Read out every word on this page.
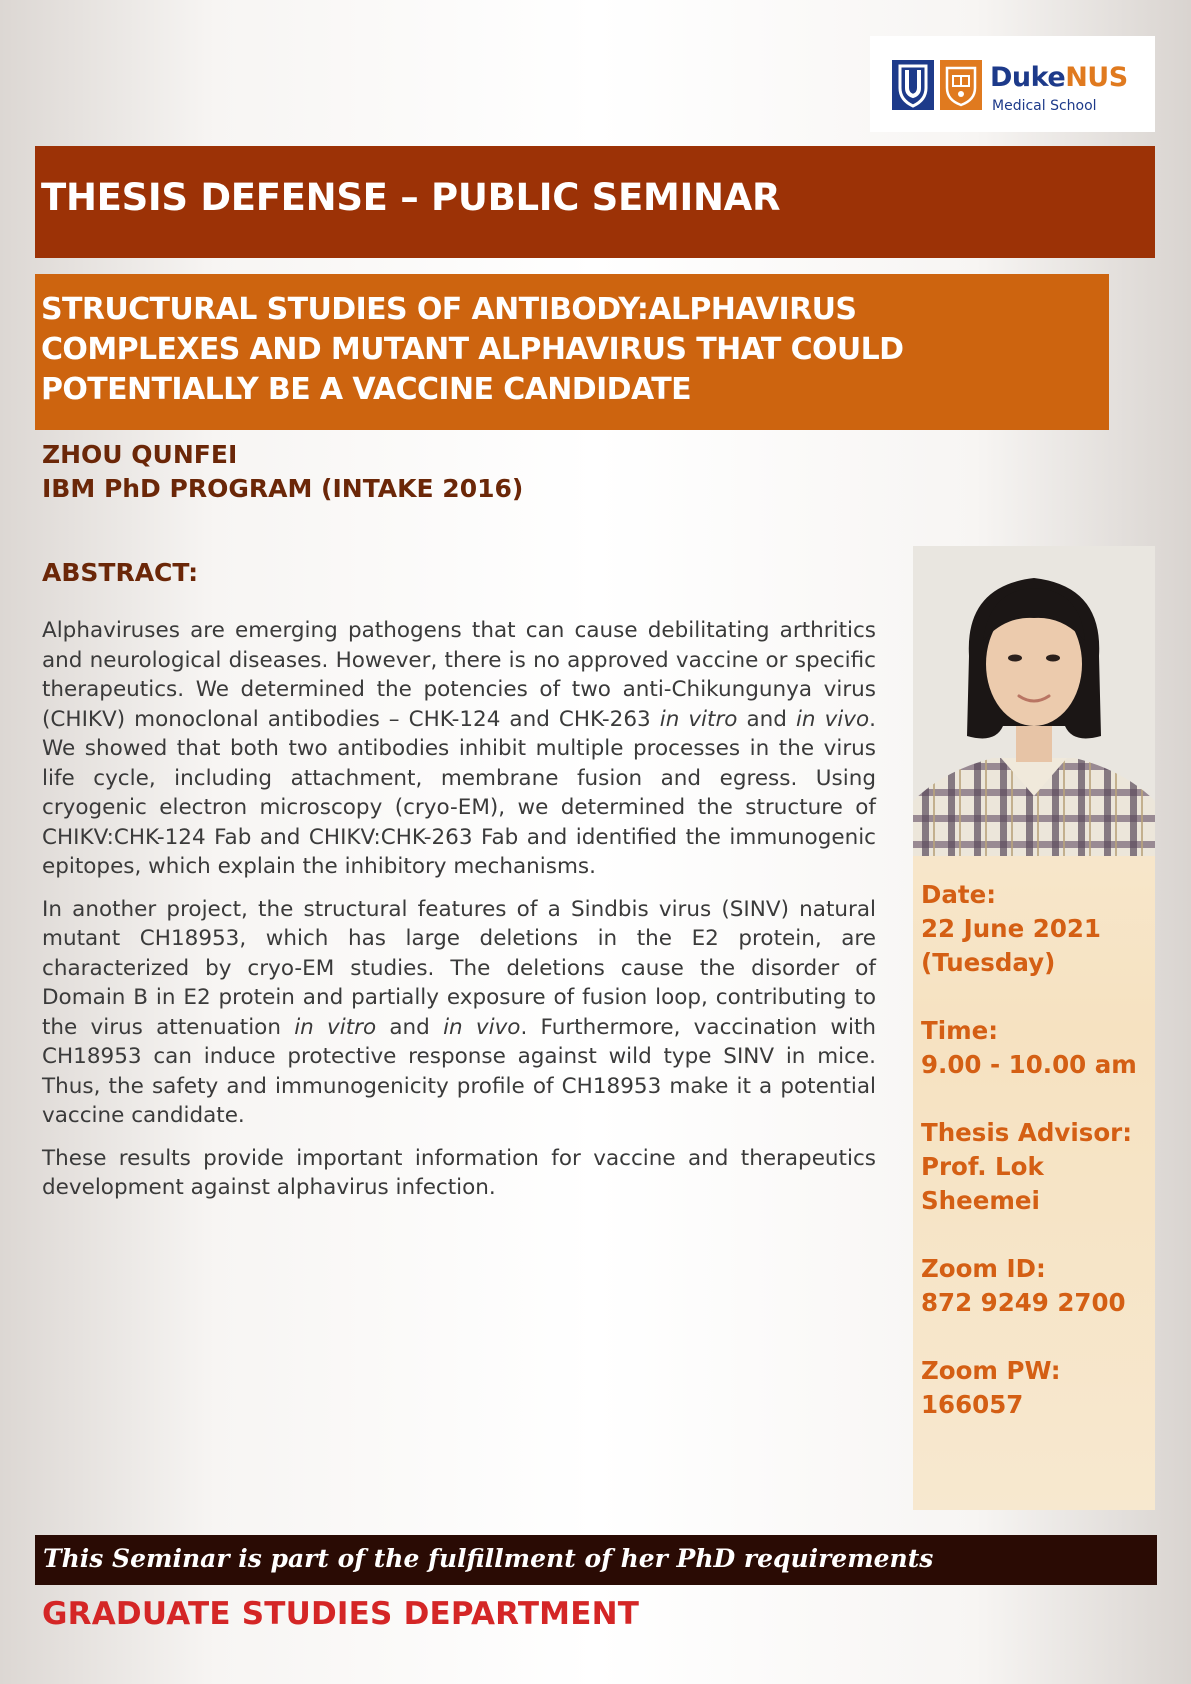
DukeNUS
Medical School
THESIS DEFENSE – PUBLIC SEMINAR
STRUCTURAL STUDIES OF ANTIBODY:ALPHAVIRUS
COMPLEXES AND MUTANT ALPHAVIRUS THAT COULD
POTENTIALLY BE A VACCINE CANDIDATE
ZHOU QUNFEI
IBM PhD PROGRAM (INTAKE 2016)
ABSTRACT:

Alphaviruses are emerging pathogens that can cause debilitating arthritics and neurological diseases. However, there is no approved vaccine or specific therapeutics. We determined the potencies of two anti-Chikungunya virus (CHIKV) monoclonal antibodies – CHK-124 and CHK-263 in vitro and in vivo. We showed that both two antibodies inhibit multiple processes in the virus life cycle, including attachment, membrane fusion and egress. Using cryogenic electron microscopy (cryo-EM), we determined the structure of CHIKV:CHK-124 Fab and CHIKV:CHK-263 Fab and identified the immunogenic epitopes, which explain the inhibitory mechanisms.

In another project, the structural features of a Sindbis virus (SINV) natural mutant CH18953, which has large deletions in the E2 protein, are characterized by cryo-EM studies. The deletions cause the disorder of Domain B in E2 protein and partially exposure of fusion loop, contributing to the virus attenuation in vitro and in vivo. Furthermore, vaccination with CH18953 can induce protective response against wild type SINV in mice. Thus, the safety and immunogenicity profile of CH18953 make it a potential vaccine candidate.

These results provide important information for vaccine and therapeutics development against alphavirus infection.

Date:
22 June 2021
(Tuesday)
Time:
9.00 - 10.00 am
Thesis Advisor:
Prof. Lok
Sheemei
Zoom ID:
872 9249 2700
Zoom PW:
166057
This Seminar is part of the fulfillment of her PhD requirements
GRADUATE STUDIES DEPARTMENT
